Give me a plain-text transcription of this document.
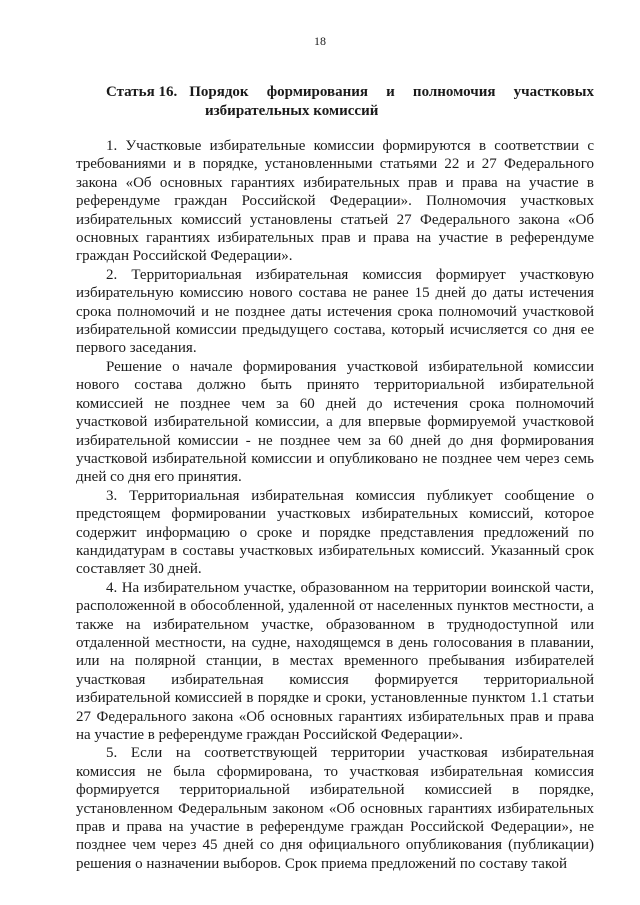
18
Статья 16. Порядок формирования и полномочия участковых
избирательных комиссий

1. Участковые избирательные комиссии формируются в соответствии с требованиями и в порядке, установленными статьями 22 и 27 Федерального закона «Об основных гарантиях избирательных прав и права на участие в референдуме граждан Российской Федерации». Полномочия участковых избирательных комиссий установлены статьей 27 Федерального закона «Об основных гарантиях избирательных прав и права на участие в референдуме граждан Российской Федерации».

2. Территориальная избирательная комиссия формирует участковую избирательную комиссию нового состава не ранее 15 дней до даты истечения срока полномочий и не позднее даты истечения срока полномочий участковой избирательной комиссии предыдущего состава, который исчисляется со дня ее первого заседания.

Решение о начале формирования участковой избирательной комиссии нового состава должно быть принято территориальной избирательной комиссией не позднее чем за 60 дней до истечения срока полномочий участковой избирательной комиссии, а для впервые формируемой участковой избирательной комиссии - не позднее чем за 60 дней до дня формирования участковой избирательной комиссии и опубликовано не позднее чем через семь дней со дня его принятия.

3. Территориальная избирательная комиссия публикует сообщение о предстоящем формировании участковых избирательных комиссий, которое содержит информацию о сроке и порядке представления предложений по кандидатурам в составы участковых избирательных комиссий. Указанный срок составляет 30 дней.

4. На избирательном участке, образованном на территории воинской части, расположенной в обособленной, удаленной от населенных пунктов местности, а также на избирательном участке, образованном в труднодоступной или отдаленной местности, на судне, находящемся в день голосования в плавании, или на полярной станции, в местах временного пребывания избирателей участковая избирательная комиссия формируется территориальной избирательной комиссией в порядке и сроки, установленные пунктом 1.1 статьи 27 Федерального закона «Об основных гарантиях избирательных прав и права на участие в референдуме граждан Российской Федерации».

5. Если на соответствующей территории участковая избирательная комиссия не была сформирована, то участковая избирательная комиссия формируется территориальной избирательной комиссией в порядке, установленном Федеральным законом «Об основных гарантиях избирательных прав и права на участие в референдуме граждан Российской Федерации», не позднее чем через 45 дней со дня официального опубликования (публикации) решения о назначении выборов. Срок приема предложений по составу такой
